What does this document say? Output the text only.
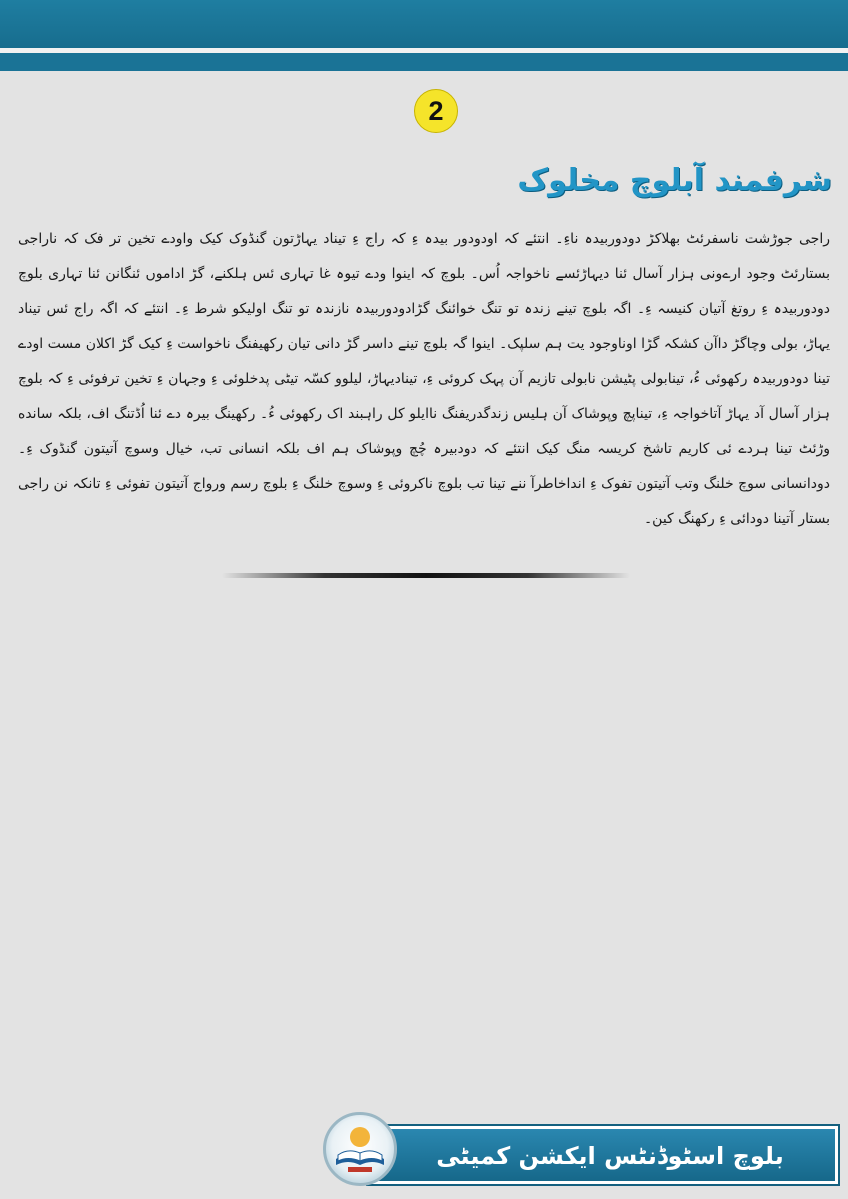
2
شرفمند آبلوچ مخلوک
راجی جوڑشت ناسفرئٹ بھلاکڑ دودوربیدہ ناءِ۔ انتئے کہ اودودور بیدہ ءِ کہ راج ءِ تیناد یہاڑتون گنڈوک کیک واودے تخین تر فک کہ ناراجی بستارئٹ وجود ارےونی ہزار آسال ئنا دیہاڑئسے ناخواجہ اُس۔ بلوچ کہ اینوا ودے تیوہ غا تہاری ئس ہلکنے، گڑ اداموں ئنگانن ئنا تہاری بلوچ دودوربیدہ ءِ روتغ آتیان کنیسہ ءِ۔ اگہ بلوچ تینے زندہ تو تنگ خوائنگ گڑادودوربیدہ نازندہ تو تنگ اولیکو شرط ءِ۔ انتئے کہ اگہ راج ئس تیناد یہاڑ، بولی وچاگڑ داآن کشکہ گڑا اوناوجود یت ہم سلپک۔ اینوا گہ بلوچ تینے داسر گڑ دانی تیان رکھیفنگ ناخواست ءِ کیک گڑ اکلان مست اودے تینا دودوربیدہ رکھوئی ءُ، تینابولی پٹیشن نابولی تازیم آن پہک کروئی ءِ، تینادیہاڑ، لیلوو کسّہ تیٹی پدخلوئی ءِ وجہان ءِ تخین ترفوئی ءِ کہ بلوچ ہزار آسال آد یہاڑ آتاخواجہ ءِ، تیناپچ وپوشاک آن ہلیس زندگدریفنگ ناایلو کل راہبند اک رکھوئی ءُ۔ رکھینگ بیرہ دے ئنا اُڈتنگ اف، بلکہ سانده وڑئٹ تینا ہردے ئی کاریم تاشخ کریسہ منگ کیک انتئے کہ دودبیرہ چُچ وپوشاک ہم اف بلکہ انسانی تب، خیال وسوچ آتیتون گنڈوک ءِ۔ دودانسانی سوچ خلنگ وتب آتیتون تفوک ءِ انداخاطرآ ننے تینا تب بلوچ ناکروئی ءِ وسوچ خلنگ ءِ بلوچ رسم ورواج آتیتون تفوئی ءِ تانکہ نن راجی بستار آتینا دودائی ءِ رکھنگ کین۔
بلوچ اسٹوڈنٹس ایکشن کمیٹی
